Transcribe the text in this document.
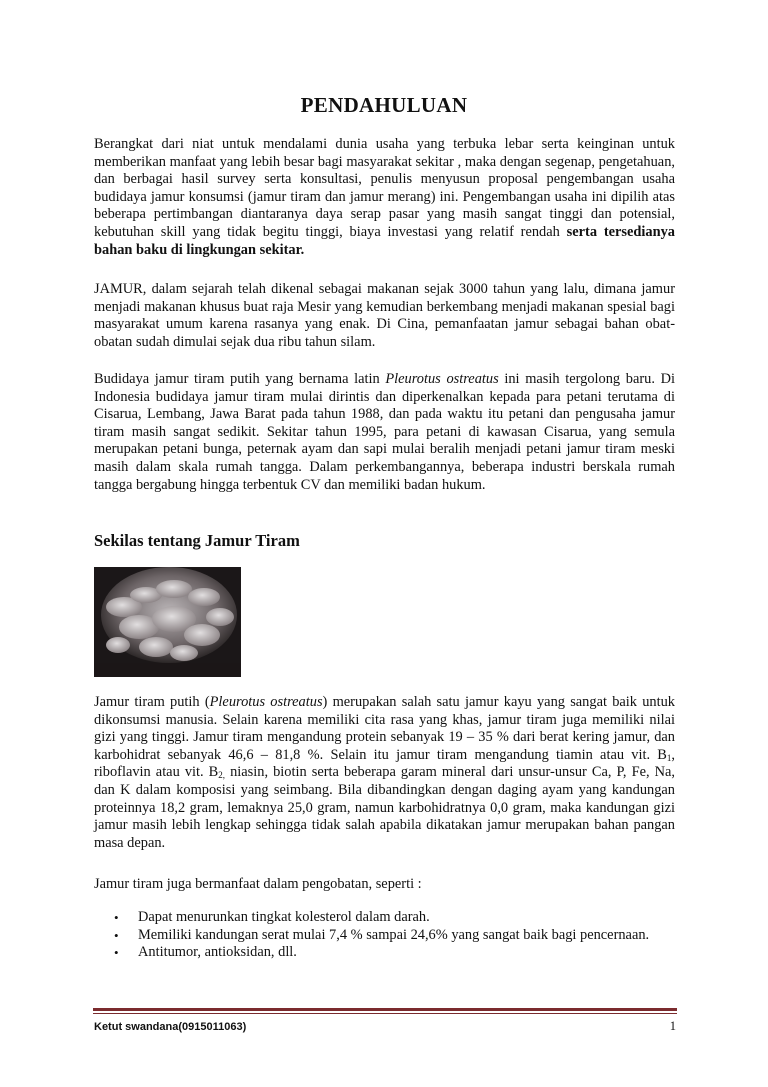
PENDAHULUAN

Berangkat dari niat untuk mendalami dunia usaha yang terbuka lebar serta keinginan untuk memberikan manfaat yang lebih besar bagi masyarakat sekitar , maka dengan segenap, pengetahuan, dan berbagai hasil survey serta konsultasi, penulis menyusun proposal pengembangan usaha budidaya jamur konsumsi (jamur tiram dan jamur merang) ini. Pengembangan usaha ini dipilih atas beberapa pertimbangan diantaranya daya serap pasar yang masih sangat tinggi dan potensial, kebutuhan skill yang tidak begitu tinggi, biaya investasi yang relatif rendah serta tersedianya bahan baku di lingkungan sekitar.

JAMUR, dalam sejarah telah dikenal sebagai makanan sejak 3000 tahun yang lalu, dimana jamur menjadi makanan khusus buat raja Mesir yang kemudian berkembang menjadi makanan spesial bagi masyarakat umum karena rasanya yang enak. Di Cina, pemanfaatan jamur sebagai bahan obat-obatan sudah dimulai sejak dua ribu tahun silam.

Budidaya jamur tiram putih yang bernama latin Pleurotus ostreatus ini masih tergolong baru. Di Indonesia budidaya jamur tiram mulai dirintis dan diperkenalkan kepada para petani terutama di Cisarua, Lembang, Jawa Barat pada tahun 1988, dan pada waktu itu petani dan pengusaha jamur tiram masih sangat sedikit. Sekitar tahun 1995, para petani di kawasan Cisarua, yang semula merupakan petani bunga, peternak ayam dan sapi mulai beralih menjadi petani jamur tiram meski masih dalam skala rumah tangga. Dalam perkembangannya, beberapa industri berskala rumah tangga bergabung hingga terbentuk CV dan memiliki badan hukum.

Sekilas tentang Jamur Tiram

Jamur tiram putih (Pleurotus ostreatus) merupakan salah satu jamur kayu yang sangat baik untuk dikonsumsi manusia. Selain karena memiliki cita rasa yang khas, jamur tiram juga memiliki nilai gizi yang tinggi. Jamur tiram mengandung protein sebanyak 19 – 35 % dari berat kering jamur, dan karbohidrat sebanyak 46,6 – 81,8 %. Selain itu jamur tiram mengandung tiamin atau vit. $B_1$, riboflavin atau vit. $B_{2,}$ niasin, biotin serta beberapa garam mineral dari unsur-unsur Ca, P, Fe, Na, dan K dalam komposisi yang seimbang. Bila dibandingkan dengan daging ayam yang kandungan proteinnya 18,2 gram, lemaknya 25,0 gram, namun karbohidratnya 0,0 gram, maka kandungan gizi jamur masih lebih lengkap sehingga tidak salah apabila dikatakan jamur merupakan bahan pangan masa depan.

Jamur tiram juga bermanfaat dalam pengobatan, seperti :

• Dapat menurunkan tingkat kolesterol dalam darah.
• Memiliki kandungan serat mulai 7,4 % sampai 24,6% yang sangat baik bagi pencernaan.
• Antitumor, antioksidan, dll.
Ketut swandana(0915011063)	1
